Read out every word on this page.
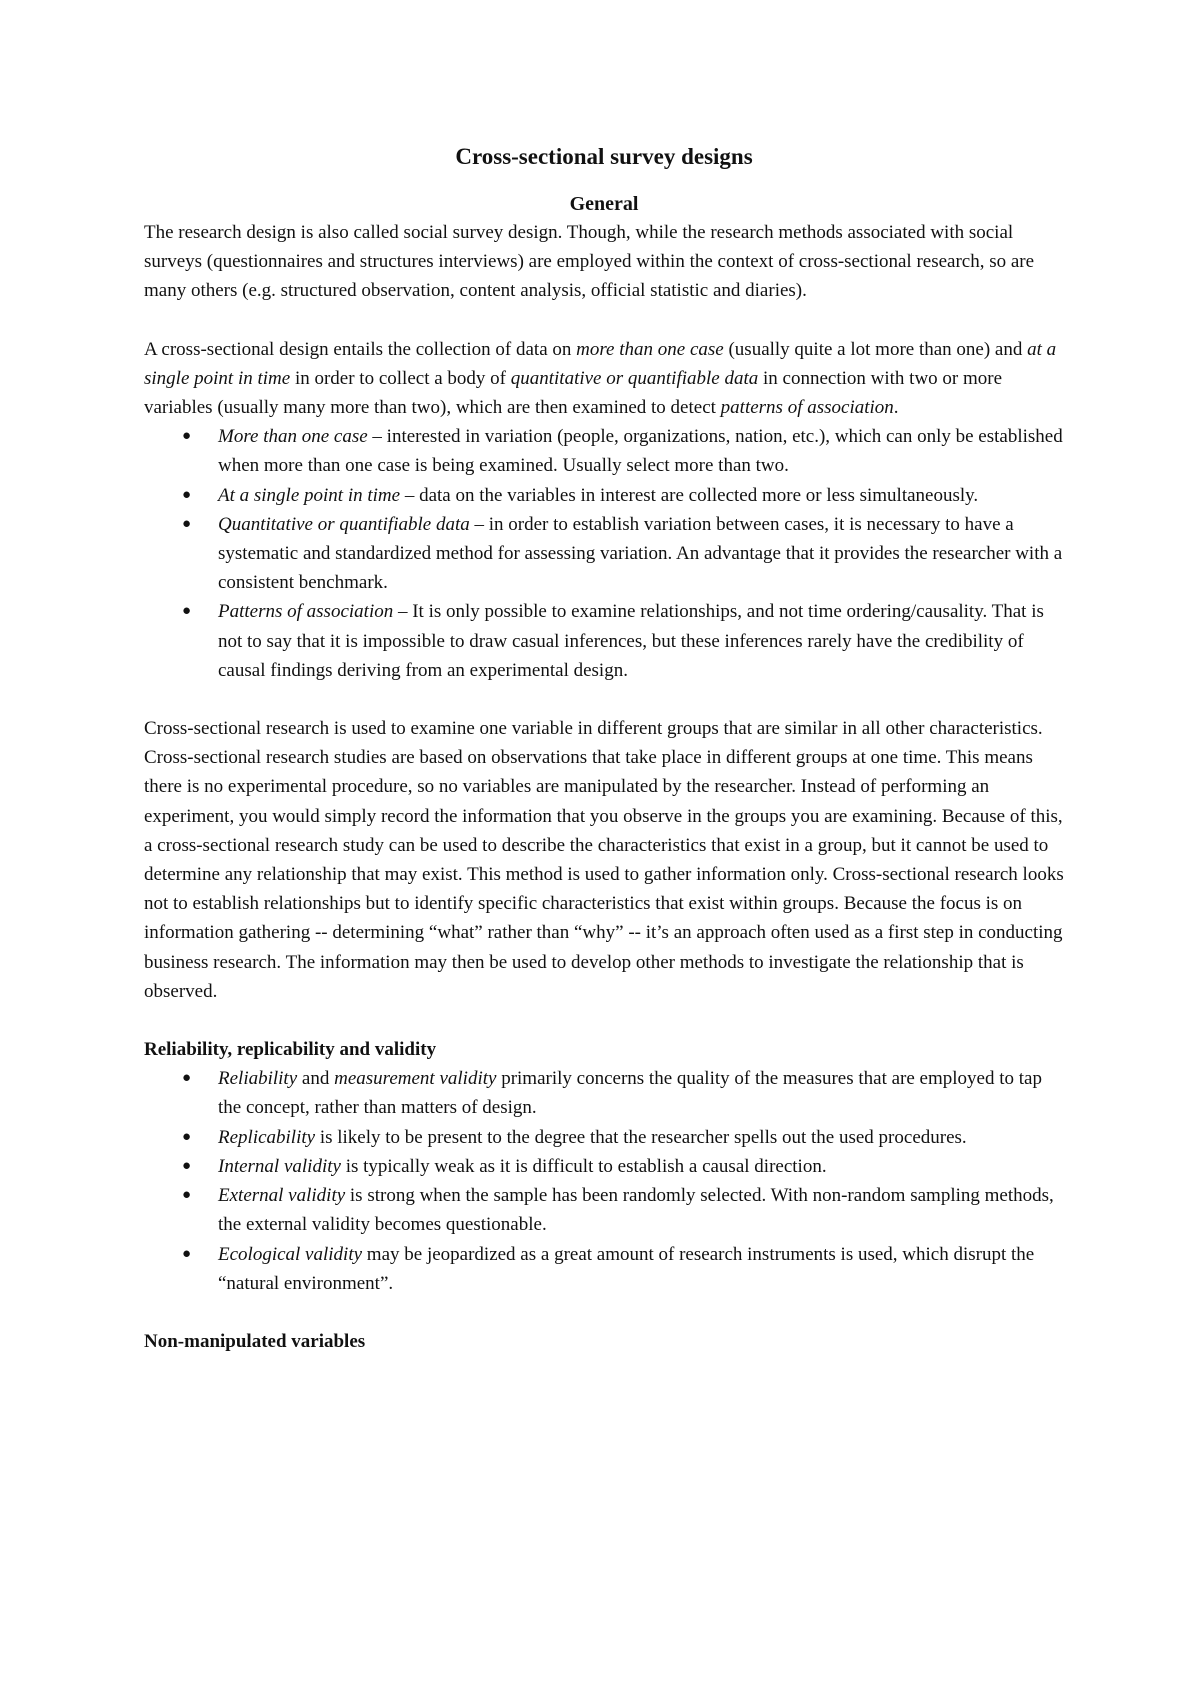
Cross-sectional survey designs
General

The research design is also called social survey design. Though, while the research methods associated with social surveys (questionnaires and structures interviews) are employed within the context of cross-sectional research, so are many others (e.g. structured observation, content analysis, official statistic and diaries).

A cross-sectional design entails the collection of data on more than one case (usually quite a lot more than one) and at a single point in time in order to collect a body of quantitative or quantifiable data in connection with two or more variables (usually many more than two), which are then examined to detect patterns of association.

● More than one case – interested in variation (people, organizations, nation, etc.), which can only be established when more than one case is being examined. Usually select more than two.
● At a single point in time – data on the variables in interest are collected more or less simultaneously.
● Quantitative or quantifiable data – in order to establish variation between cases, it is necessary to have a systematic and standardized method for assessing variation. An advantage that it provides the researcher with a consistent benchmark.
● Patterns of association – It is only possible to examine relationships, and not time ordering/causality. That is not to say that it is impossible to draw casual inferences, but these inferences rarely have the credibility of causal findings deriving from an experimental design.

Cross-sectional research is used to examine one variable in different groups that are similar in all other characteristics. Cross-sectional research studies are based on observations that take place in different groups at one time. This means there is no experimental procedure, so no variables are manipulated by the researcher. Instead of performing an experiment, you would simply record the information that you observe in the groups you are examining. Because of this, a cross-sectional research study can be used to describe the characteristics that exist in a group, but it cannot be used to determine any relationship that may exist. This method is used to gather information only. Cross-sectional research looks not to establish relationships but to identify specific characteristics that exist within groups. Because the focus is on information gathering -- determining “what” rather than “why” -- it’s an approach often used as a first step in conducting business research. The information may then be used to develop other methods to investigate the relationship that is observed.

Reliability, replicability and validity

● Reliability and measurement validity primarily concerns the quality of the measures that are employed to tap the concept, rather than matters of design.
● Replicability is likely to be present to the degree that the researcher spells out the used procedures.
● Internal validity is typically weak as it is difficult to establish a causal direction.
● External validity is strong when the sample has been randomly selected. With non-random sampling methods, the external validity becomes questionable.
● Ecological validity may be jeopardized as a great amount of research instruments is used, which disrupt the “natural environment”.

Non-manipulated variables
